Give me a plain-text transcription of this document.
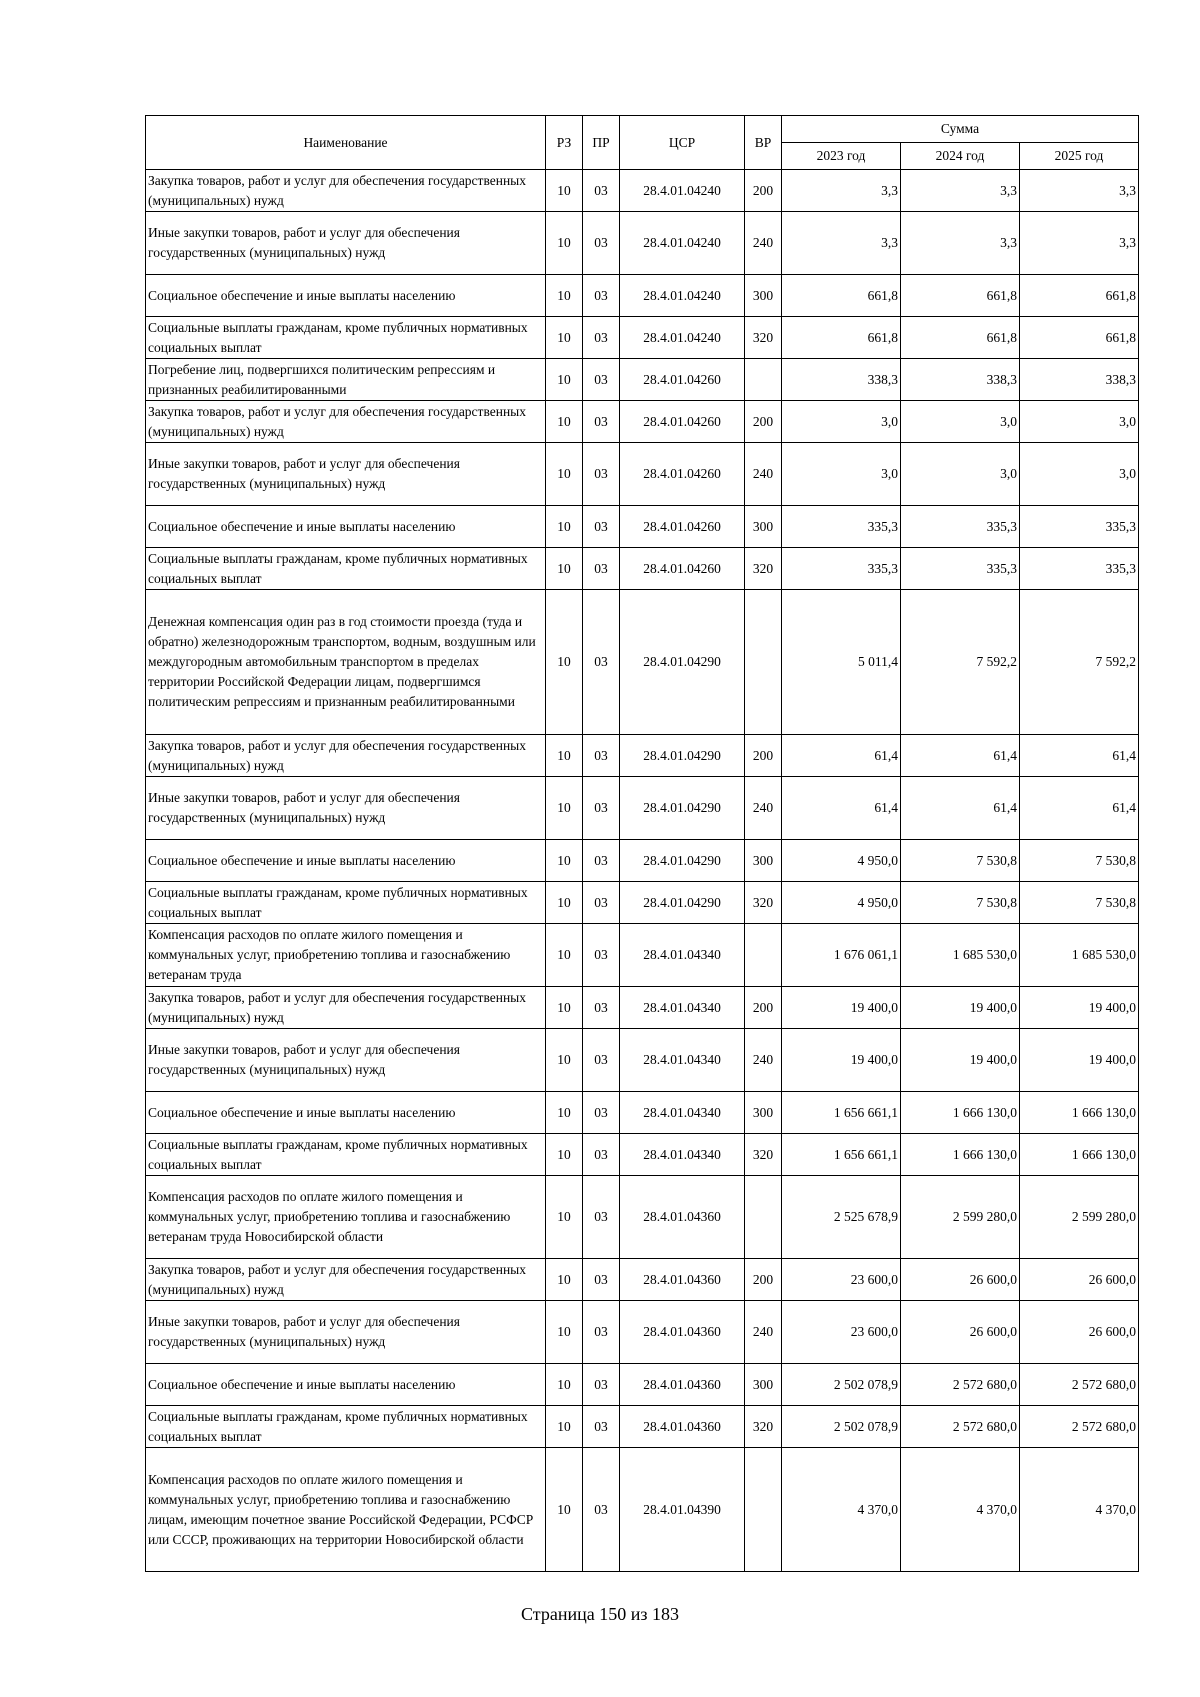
Наименование	РЗ	ПР	ЦСР	ВР	Сумма		
					2023 год	2024 год	2025 год
Закупка товаров, работ и услуг для обеспечения государственных (муниципальных) нужд	10	03	28.4.01.04240	200	3,3	3,3	3,3
Иные закупки товаров, работ и услуг для обеспечения государственных (муниципальных) нужд	10	03	28.4.01.04240	240	3,3	3,3	3,3
Социальное обеспечение и иные выплаты населению	10	03	28.4.01.04240	300	661,8	661,8	661,8
Социальные выплаты гражданам, кроме публичных нормативных социальных выплат	10	03	28.4.01.04240	320	661,8	661,8	661,8
Погребение лиц, подвергшихся политическим репрессиям и признанных реабилитированными	10	03	28.4.01.04260		338,3	338,3	338,3
Закупка товаров, работ и услуг для обеспечения государственных (муниципальных) нужд	10	03	28.4.01.04260	200	3,0	3,0	3,0
Иные закупки товаров, работ и услуг для обеспечения государственных (муниципальных) нужд	10	03	28.4.01.04260	240	3,0	3,0	3,0
Социальное обеспечение и иные выплаты населению	10	03	28.4.01.04260	300	335,3	335,3	335,3
Социальные выплаты гражданам, кроме публичных нормативных социальных выплат	10	03	28.4.01.04260	320	335,3	335,3	335,3
Денежная компенсация один раз в год стоимости проезда (туда и обратно) железнодорожным транспортом, водным, воздушным или междугородным автомобильным транспортом в пределах территории Российской Федерации лицам, подвергшимся политическим репрессиям и признанным реабилитированными	10	03	28.4.01.04290		5 011,4	7 592,2	7 592,2
Закупка товаров, работ и услуг для обеспечения государственных (муниципальных) нужд	10	03	28.4.01.04290	200	61,4	61,4	61,4
Иные закупки товаров, работ и услуг для обеспечения государственных (муниципальных) нужд	10	03	28.4.01.04290	240	61,4	61,4	61,4
Социальное обеспечение и иные выплаты населению	10	03	28.4.01.04290	300	4 950,0	7 530,8	7 530,8
Социальные выплаты гражданам, кроме публичных нормативных социальных выплат	10	03	28.4.01.04290	320	4 950,0	7 530,8	7 530,8
Компенсация расходов по оплате жилого помещения и коммунальных услуг, приобретению топлива и газоснабжению ветеранам труда	10	03	28.4.01.04340		1 676 061,1	1 685 530,0	1 685 530,0
Закупка товаров, работ и услуг для обеспечения государственных (муниципальных) нужд	10	03	28.4.01.04340	200	19 400,0	19 400,0	19 400,0
Иные закупки товаров, работ и услуг для обеспечения государственных (муниципальных) нужд	10	03	28.4.01.04340	240	19 400,0	19 400,0	19 400,0
Социальное обеспечение и иные выплаты населению	10	03	28.4.01.04340	300	1 656 661,1	1 666 130,0	1 666 130,0
Социальные выплаты гражданам, кроме публичных нормативных социальных выплат	10	03	28.4.01.04340	320	1 656 661,1	1 666 130,0	1 666 130,0
Компенсация расходов по оплате жилого помещения и коммунальных услуг, приобретению топлива и газоснабжению ветеранам труда Новосибирской области	10	03	28.4.01.04360		2 525 678,9	2 599 280,0	2 599 280,0
Закупка товаров, работ и услуг для обеспечения государственных (муниципальных) нужд	10	03	28.4.01.04360	200	23 600,0	26 600,0	26 600,0
Иные закупки товаров, работ и услуг для обеспечения государственных (муниципальных) нужд	10	03	28.4.01.04360	240	23 600,0	26 600,0	26 600,0
Социальное обеспечение и иные выплаты населению	10	03	28.4.01.04360	300	2 502 078,9	2 572 680,0	2 572 680,0
Социальные выплаты гражданам, кроме публичных нормативных социальных выплат	10	03	28.4.01.04360	320	2 502 078,9	2 572 680,0	2 572 680,0
Компенсация расходов по оплате жилого помещения и коммунальных услуг, приобретению топлива и газоснабжению лицам, имеющим почетное звание Российской Федерации, РСФСР или СССР, проживающих на территории Новосибирской области	10	03	28.4.01.04390		4 370,0	4 370,0	4 370,0
Страница 150 из 183
